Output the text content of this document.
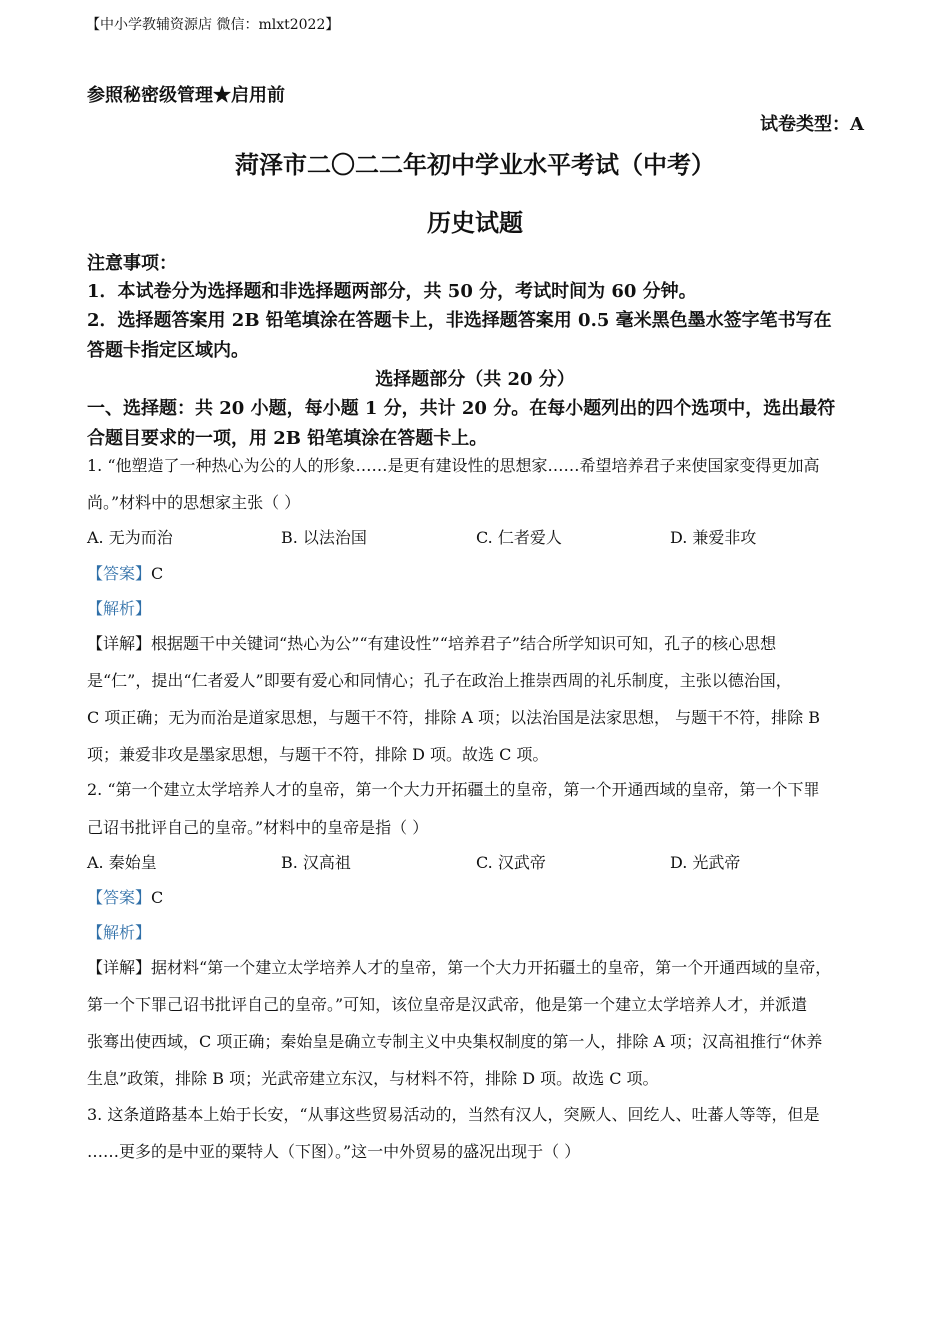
【中小学教辅资源店 微信：mlxt2022】
参照秘密级管理★启用前
试卷类型：A
菏泽市二〇二二年初中学业水平考试（中考）
历史试题
注意事项：
1．本试卷分为选择题和非选择题两部分，共 50 分，考试时间为 60 分钟。
2．选择题答案用 2B 铅笔填涂在答题卡上，非选择题答案用 0.5 毫米黑色墨水签字笔书写在
答题卡指定区域内。
选择题部分（共 20 分）
一、选择题：共 20 小题，每小题 1 分，共计 20 分。在每小题列出的四个选项中，选出最符
合题目要求的一项，用 2B 铅笔填涂在答题卡上。
1. “他塑造了一种热心为公的人的形象……是更有建设性的思想家……希望培养君子来使国家变得更加高
尚。”材料中的思想家主张（ ）
A. 无为而治	B. 以法治国	C. 仁者爱人	D. 兼爱非攻
【答案】C
【解析】
【详解】根据题干中关键词“热心为公”“有建设性”“培养君子”结合所学知识可知，孔子的核心思想
是“仁”，提出“仁者爱人”即要有爱心和同情心；孔子在政治上推崇西周的礼乐制度，主张以德治国，
C 项正确；无为而治是道家思想，与题干不符，排除 A 项；以法治国是法家思想， 与题干不符，排除 B
项；兼爱非攻是墨家思想，与题干不符，排除 D 项。故选 C 项。
2. “第一个建立太学培养人才的皇帝，第一个大力开拓疆土的皇帝，第一个开通西域的皇帝，第一个下罪
己诏书批评自己的皇帝。”材料中的皇帝是指（ ）
A. 秦始皇	B. 汉高祖	C. 汉武帝	D. 光武帝
【答案】C
【解析】
【详解】据材料“第一个建立太学培养人才的皇帝，第一个大力开拓疆土的皇帝，第一个开通西域的皇帝，
第一个下罪己诏书批评自己的皇帝。”可知，该位皇帝是汉武帝，他是第一个建立太学培养人才，并派遣
张骞出使西域，C 项正确；秦始皇是确立专制主义中央集权制度的第一人，排除 A 项；汉高祖推行“休养
生息”政策，排除 B 项；光武帝建立东汉，与材料不符，排除 D 项。故选 C 项。
3. 这条道路基本上始于长安，“从事这些贸易活动的，当然有汉人，突厥人、回纥人、吐蕃人等等，但是
……更多的是中亚的粟特人（下图）。”这一中外贸易的盛况出现于（ ）
